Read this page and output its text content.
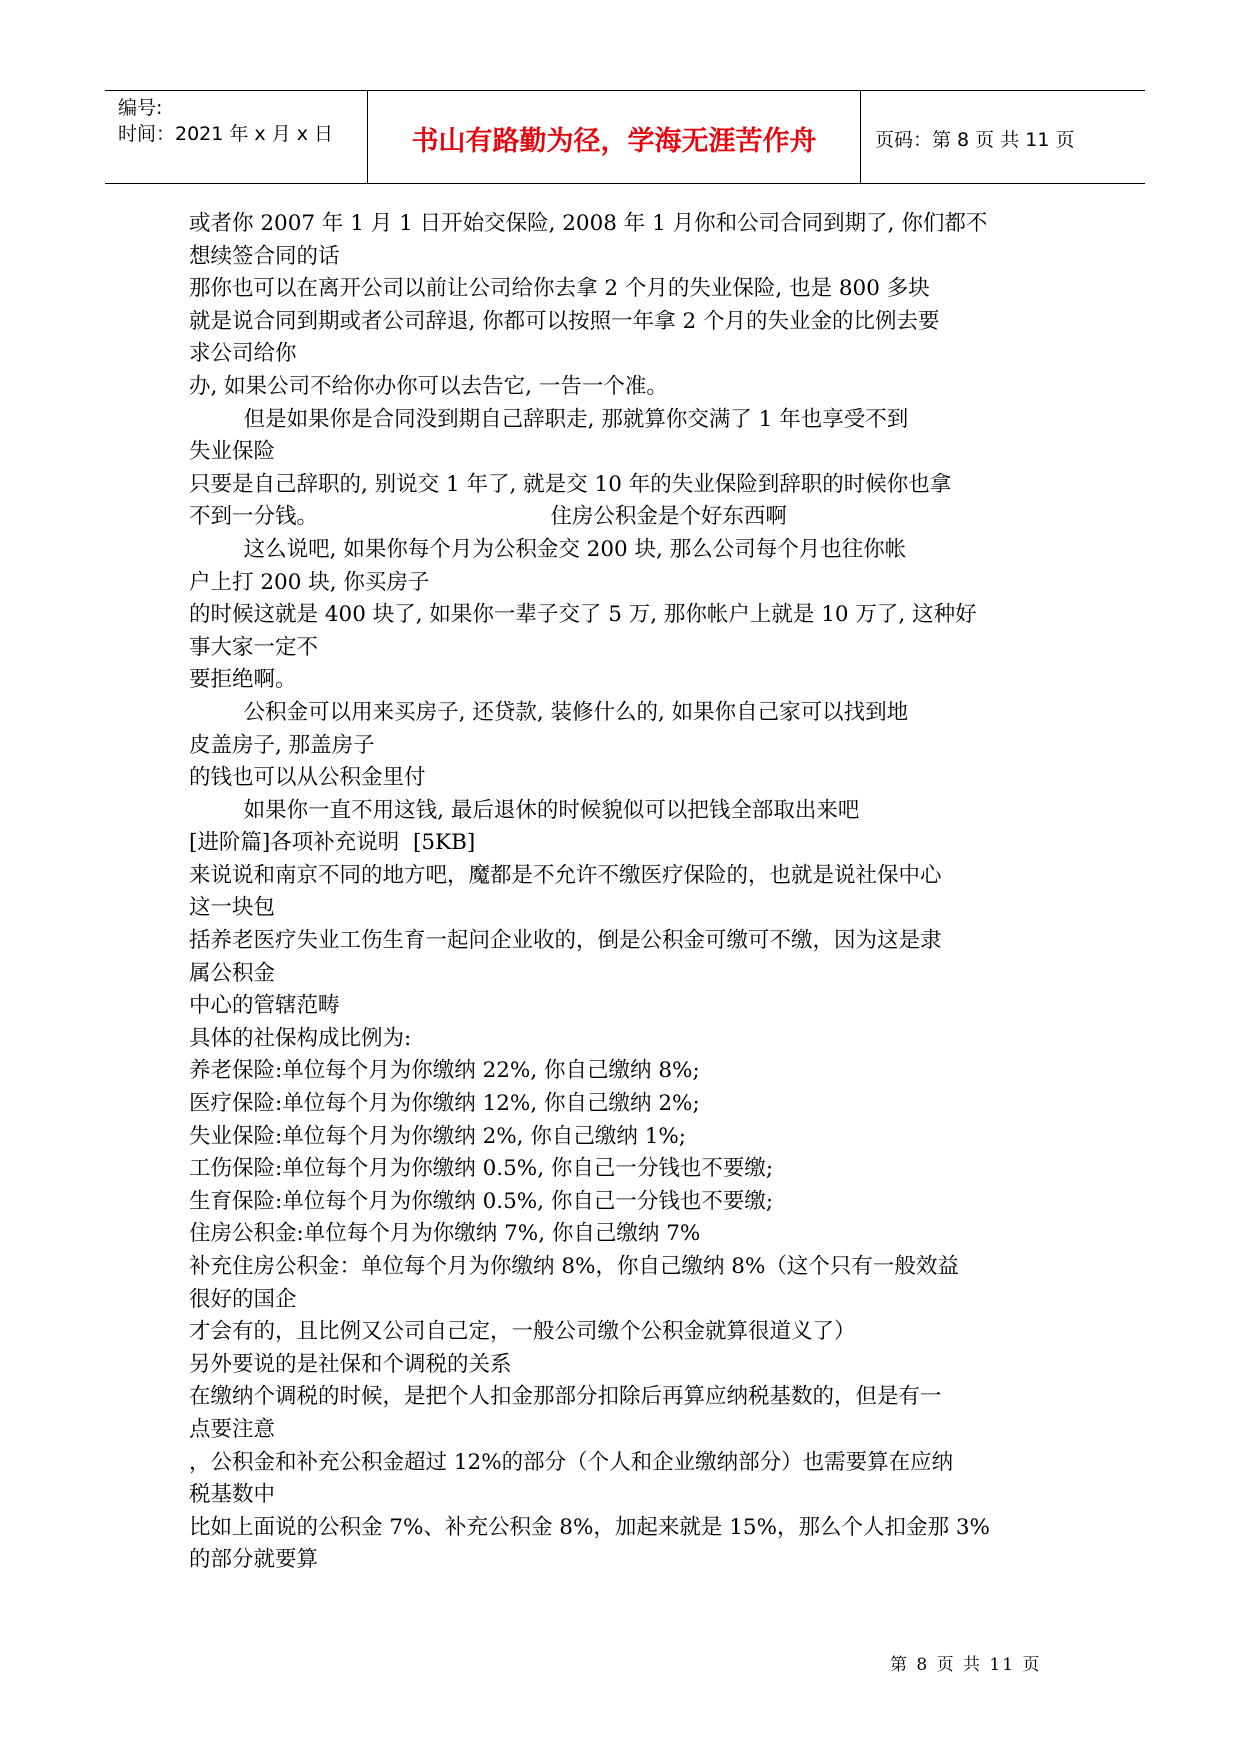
编号:
时间：2021 年 x 月 x 日	书山有路勤为径，学海无涯苦作舟	页码：第 8 页 共 11 页
或者你 2007 年 1 月 1 日开始交保险, 2008 年 1 月你和公司合同到期了, 你们都不
想续签合同的话
那你也可以在离开公司以前让公司给你去拿 2 个月的失业保险, 也是 800 多块
就是说合同到期或者公司辞退, 你都可以按照一年拿 2 个月的失业金的比例去要
求公司给你
办, 如果公司不给你办你可以去告它, 一告一个准。
但是如果你是合同没到期自己辞职走, 那就算你交满了 1 年也享受不到
失业保险
只要是自己辞职的, 别说交 1 年了, 就是交 10 年的失业保险到辞职的时候你也拿
不到一分钱。                                  住房公积金是个好东西啊
这么说吧, 如果你每个月为公积金交 200 块, 那么公司每个月也往你帐
户上打 200 块, 你买房子
的时候这就是 400 块了, 如果你一辈子交了 5 万, 那你帐户上就是 10 万了, 这种好
事大家一定不
要拒绝啊。
公积金可以用来买房子, 还贷款, 装修什么的, 如果你自己家可以找到地
皮盖房子, 那盖房子
的钱也可以从公积金里付
如果你一直不用这钱, 最后退休的时候貌似可以把钱全部取出来吧
[进阶篇]各项补充说明  [5KB]
来说说和南京不同的地方吧，魔都是不允许不缴医疗保险的，也就是说社保中心
这一块包
括养老医疗失业工伤生育一起问企业收的，倒是公积金可缴可不缴，因为这是隶
属公积金
中心的管辖范畴
具体的社保构成比例为:
养老保险:单位每个月为你缴纳 22%, 你自己缴纳 8%;
医疗保险:单位每个月为你缴纳 12%, 你自己缴纳 2%;
失业保险:单位每个月为你缴纳 2%, 你自己缴纳 1%;
工伤保险:单位每个月为你缴纳 0.5%, 你自己一分钱也不要缴;
生育保险:单位每个月为你缴纳 0.5%, 你自己一分钱也不要缴;
住房公积金:单位每个月为你缴纳 7%, 你自己缴纳 7%
补充住房公积金：单位每个月为你缴纳 8%，你自己缴纳 8%（这个只有一般效益
很好的国企
才会有的，且比例又公司自己定，一般公司缴个公积金就算很道义了）
另外要说的是社保和个调税的关系
在缴纳个调税的时候，是把个人扣金那部分扣除后再算应纳税基数的，但是有一
点要注意
，公积金和补充公积金超过 12%的部分（个人和企业缴纳部分）也需要算在应纳
税基数中
比如上面说的公积金 7%、补充公积金 8%，加起来就是 15%，那么个人扣金那 3%
的部分就要算
第 8 页 共 11 页
